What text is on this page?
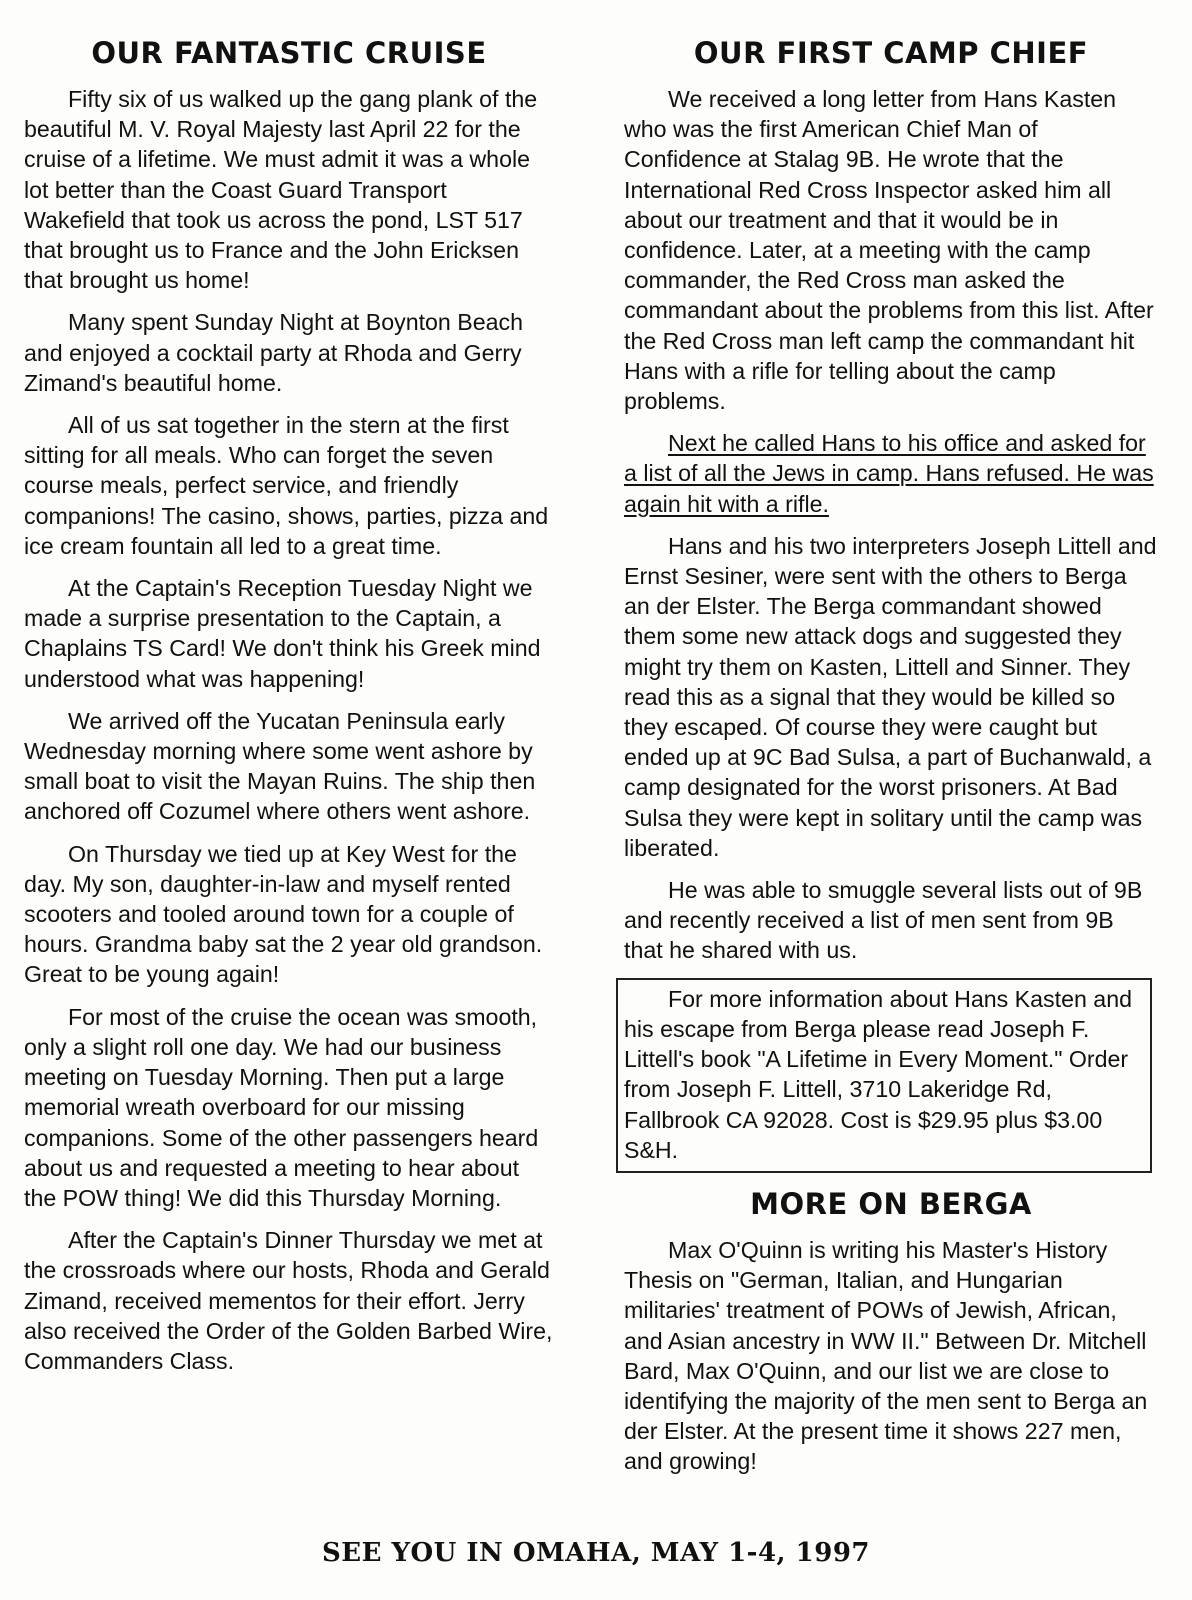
OUR FANTASTIC CRUISE

Fifty six of us walked up the gang plank of the beautiful M. V. Royal Majesty last April 22 for the cruise of a lifetime. We must admit it was a whole lot better than the Coast Guard Transport Wakefield that took us across the pond, LST 517 that brought us to France and the John Ericksen that brought us home!

Many spent Sunday Night at Boynton Beach and enjoyed a cocktail party at Rhoda and Gerry Zimand's beautiful home.

All of us sat together in the stern at the first sitting for all meals. Who can forget the seven course meals, perfect service, and friendly companions! The casino, shows, parties, pizza and ice cream fountain all led to a great time.

At the Captain's Reception Tuesday Night we made a surprise presentation to the Captain, a Chaplains TS Card! We don't think his Greek mind understood what was happening!

We arrived off the Yucatan Peninsula early Wednesday morning where some went ashore by small boat to visit the Mayan Ruins. The ship then anchored off Cozumel where others went ashore.

On Thursday we tied up at Key West for the day. My son, daughter-in-law and myself rented scooters and tooled around town for a couple of hours. Grandma baby sat the 2 year old grandson. Great to be young again!

For most of the cruise the ocean was smooth, only a slight roll one day. We had our business meeting on Tuesday Morning. Then put a large memorial wreath overboard for our missing companions. Some of the other passengers heard about us and requested a meeting to hear about the POW thing! We did this Thursday Morning.

After the Captain's Dinner Thursday we met at the crossroads where our hosts, Rhoda and Gerald Zimand, received mementos for their effort. Jerry also received the Order of the Golden Barbed Wire, Commanders Class.

OUR FIRST CAMP CHIEF

We received a long letter from Hans Kasten who was the first American Chief Man of Confidence at Stalag 9B. He wrote that the International Red Cross Inspector asked him all about our treatment and that it would be in confidence. Later, at a meeting with the camp commander, the Red Cross man asked the commandant about the problems from this list. After the Red Cross man left camp the commandant hit Hans with a rifle for telling about the camp problems.

Next he called Hans to his office and asked for a list of all the Jews in camp. Hans refused. He was again hit with a rifle.

Hans and his two interpreters Joseph Littell and Ernst Sesiner, were sent with the others to Berga an der Elster. The Berga commandant showed them some new attack dogs and suggested they might try them on Kasten, Littell and Sinner. They read this as a signal that they would be killed so they escaped. Of course they were caught but ended up at 9C Bad Sulsa, a part of Buchanwald, a camp designated for the worst prisoners. At Bad Sulsa they were kept in solitary until the camp was liberated.

He was able to smuggle several lists out of 9B and recently received a list of men sent from 9B that he shared with us.

For more information about Hans Kasten and his escape from Berga please read Joseph F. Littell's book "A Lifetime in Every Moment." Order from Joseph F. Littell, 3710 Lakeridge Rd, Fallbrook CA 92028. Cost is $29.95 plus $3.00 S&H.

MORE ON BERGA

Max O'Quinn is writing his Master's History Thesis on "German, Italian, and Hungarian militaries' treatment of POWs of Jewish, African, and Asian ancestry in WW II." Between Dr. Mitchell Bard, Max O'Quinn, and our list we are close to identifying the majority of the men sent to Berga an der Elster. At the present time it shows 227 men, and growing!

SEE YOU IN OMAHA, MAY 1-4, 1997
